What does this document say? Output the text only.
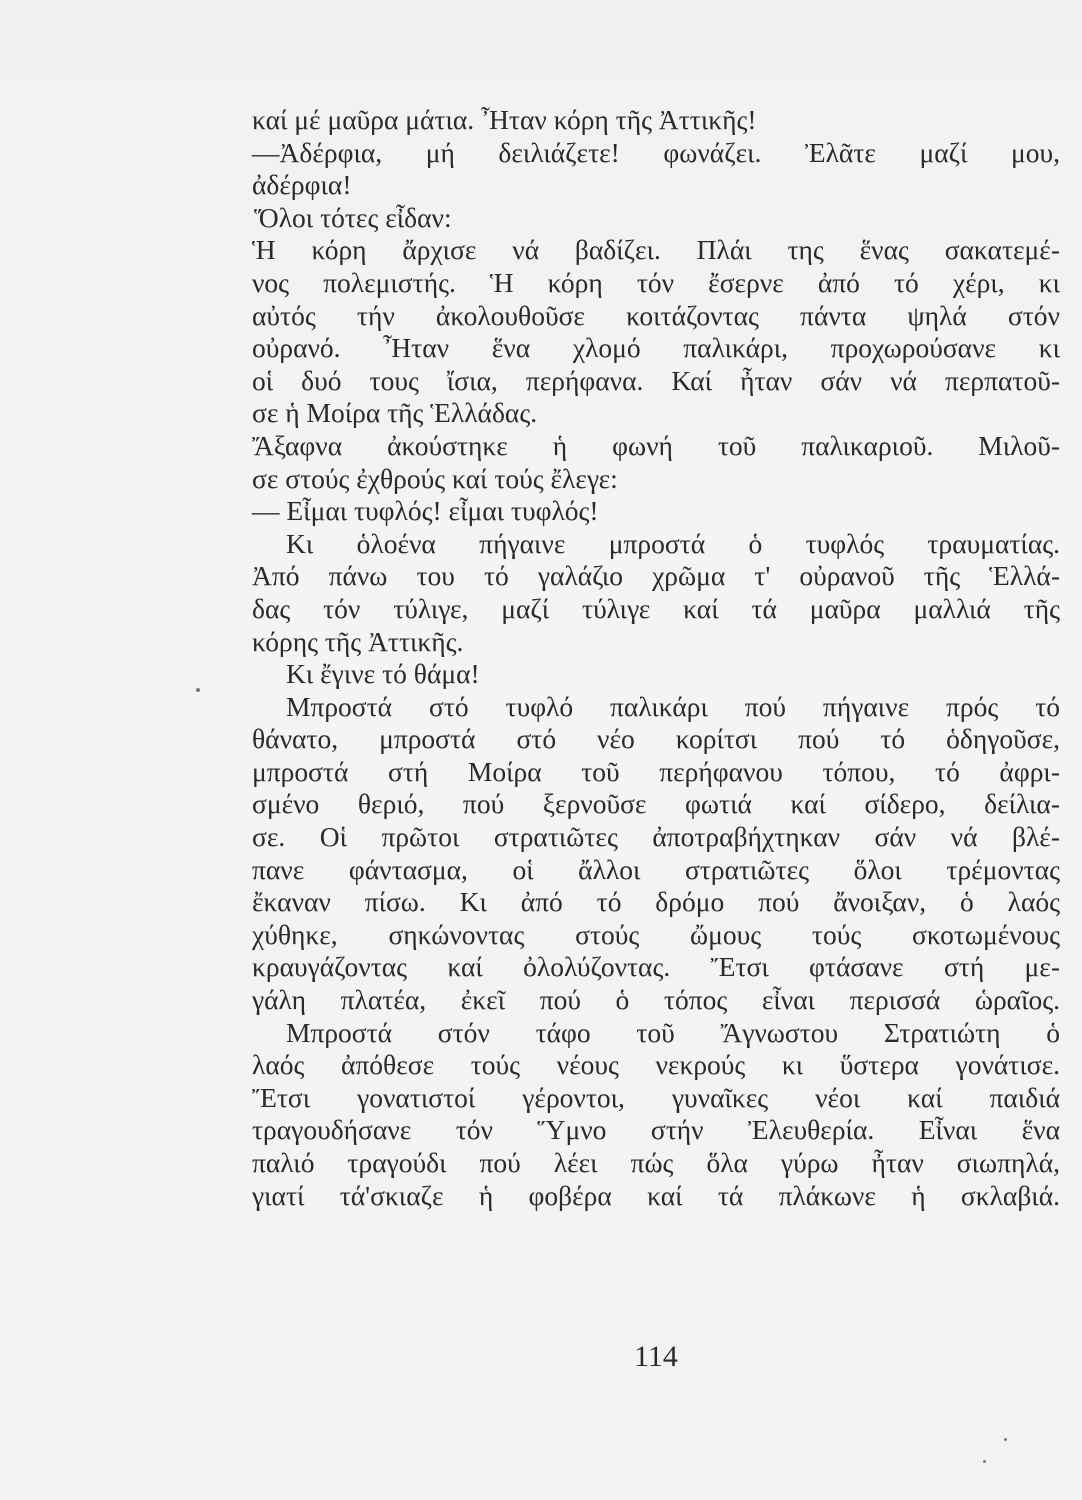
καί μέ μαῦρα μάτια. Ἦταν κόρη τῆς Ἀττικῆς!
—Ἀδέρφια, μή δειλιάζετε! φωνάζει. Ἐλᾶτε μαζί μου,
ἀδέρφια!
Ὅλοι τότες εἶδαν:
Ἡ κόρη ἄρχισε νά βαδίζει. Πλάι της ἕνας σακατεμέ-
νος πολεμιστής. Ἡ κόρη τόν ἔσερνε ἀπό τό χέρι, κι
αὐτός τήν ἀκολουθοῦσε κοιτάζοντας πάντα ψηλά στόν
οὐρανό. Ἦταν ἕνα χλομό παλικάρι, προχωρούσανε κι
οἱ δυό τους ἴσια, περήφανα. Καί ἦταν σάν νά περπατοῦ-
σε ἡ Μοίρα τῆς Ἑλλάδας.
Ἄξαφνα ἀκούστηκε ἡ φωνή τοῦ παλικαριοῦ. Μιλοῦ-
σε στούς ἐχθρούς καί τούς ἔλεγε:
— Εἶμαι τυφλός! εἶμαι τυφλός!
Κι ὁλοένα πήγαινε μπροστά ὁ τυφλός τραυματίας.
Ἀπό πάνω του τό γαλάζιο χρῶμα τ' οὐρανοῦ τῆς Ἑλλά-
δας τόν τύλιγε, μαζί τύλιγε καί τά μαῦρα μαλλιά τῆς
κόρης τῆς Ἀττικῆς.
Κι ἔγινε τό θάμα!
Μπροστά στό τυφλό παλικάρι πού πήγαινε πρός τό
θάνατο, μπροστά στό νέο κορίτσι πού τό ὁδηγοῦσε,
μπροστά στή Μοίρα τοῦ περήφανου τόπου, τό ἀφρι-
σμένο θεριό, πού ξερνοῦσε φωτιά καί σίδερο, δείλια-
σε. Οἱ πρῶτοι στρατιῶτες ἀποτραβήχτηκαν σάν νά βλέ-
πανε φάντασμα, οἱ ἄλλοι στρατιῶτες ὅλοι τρέμοντας
ἔκαναν πίσω. Κι ἀπό τό δρόμο πού ἄνοιξαν, ὁ λαός
χύθηκε, σηκώνοντας στούς ὤμους τούς σκοτωμένους
κραυγάζοντας καί ὀλολύζοντας. Ἔτσι φτάσανε στή με-
γάλη πλατέα, ἐκεῖ πού ὁ τόπος εἶναι περισσά ὡραῖος.
Μπροστά στόν τάφο τοῦ Ἄγνωστου Στρατιώτη ὁ
λαός ἀπόθεσε τούς νέους νεκρούς κι ὕστερα γονάτισε.
Ἔτσι γονατιστοί γέροντοι, γυναῖκες νέοι καί παιδιά
τραγουδήσανε τόν Ὕμνο στήν Ἐλευθερία. Εἶναι ἕνα
παλιό τραγούδι πού λέει πώς ὅλα γύρω ἦταν σιωπηλά,
γιατί τά'σκιαζε ἡ φοβέρα καί τά πλάκωνε ἡ σκλαβιά.
114
